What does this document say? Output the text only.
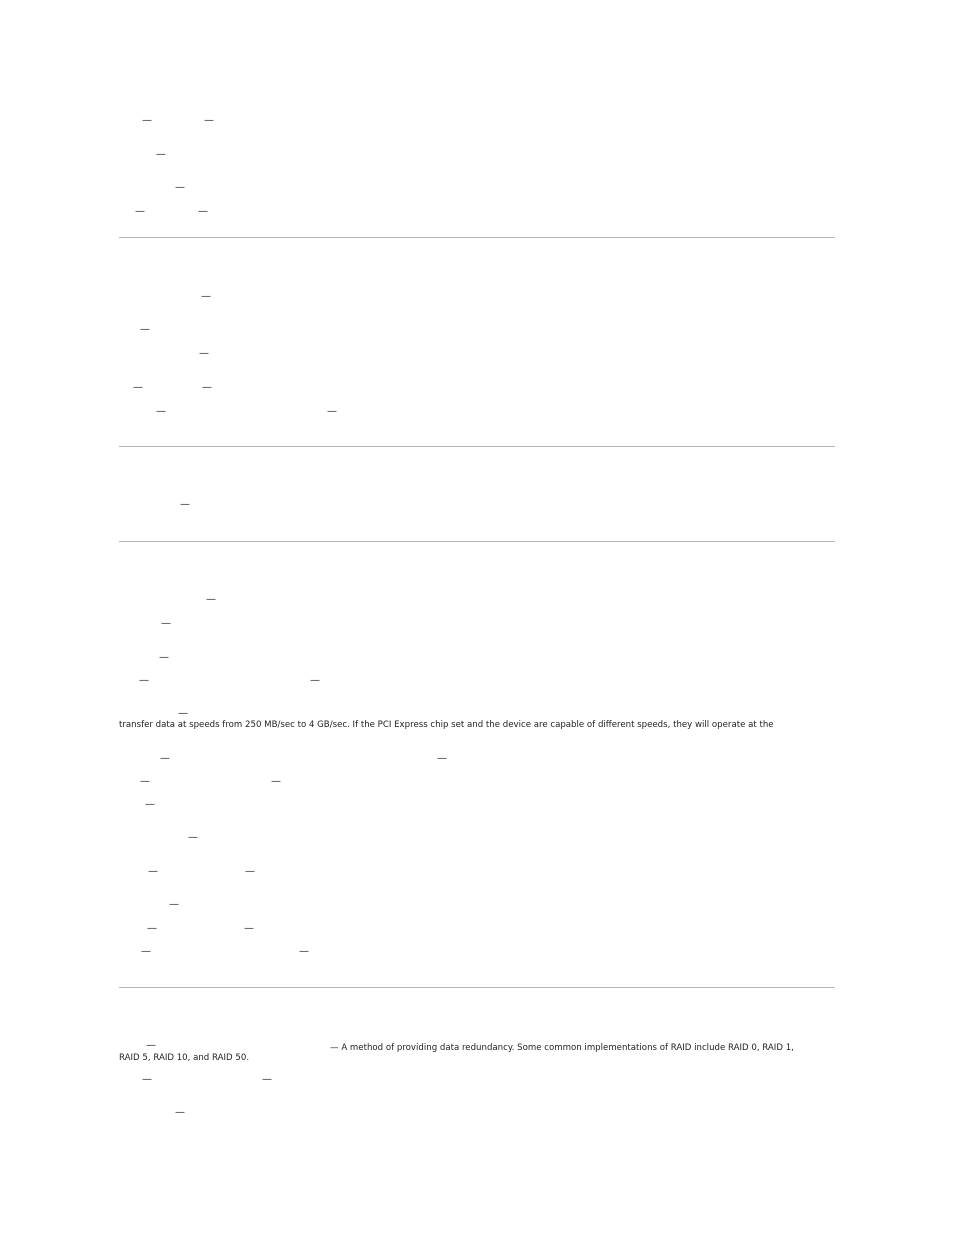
—	—
—
—
—	—
—
—
—
—	—
—	—
—
—
—
—
—	—
—
transfer data at speeds from 250 MB/sec to 4 GB/sec. If the PCI Express chip set and the device are capable of different speeds, they will operate at the
—	—
—	—
—
—
—	—
—
—	—
—	—
—	— A method of providing data redundancy. Some common implementations of RAID include RAID 0, RAID 1,
RAID 5, RAID 10, and RAID 50.
—	—
—
